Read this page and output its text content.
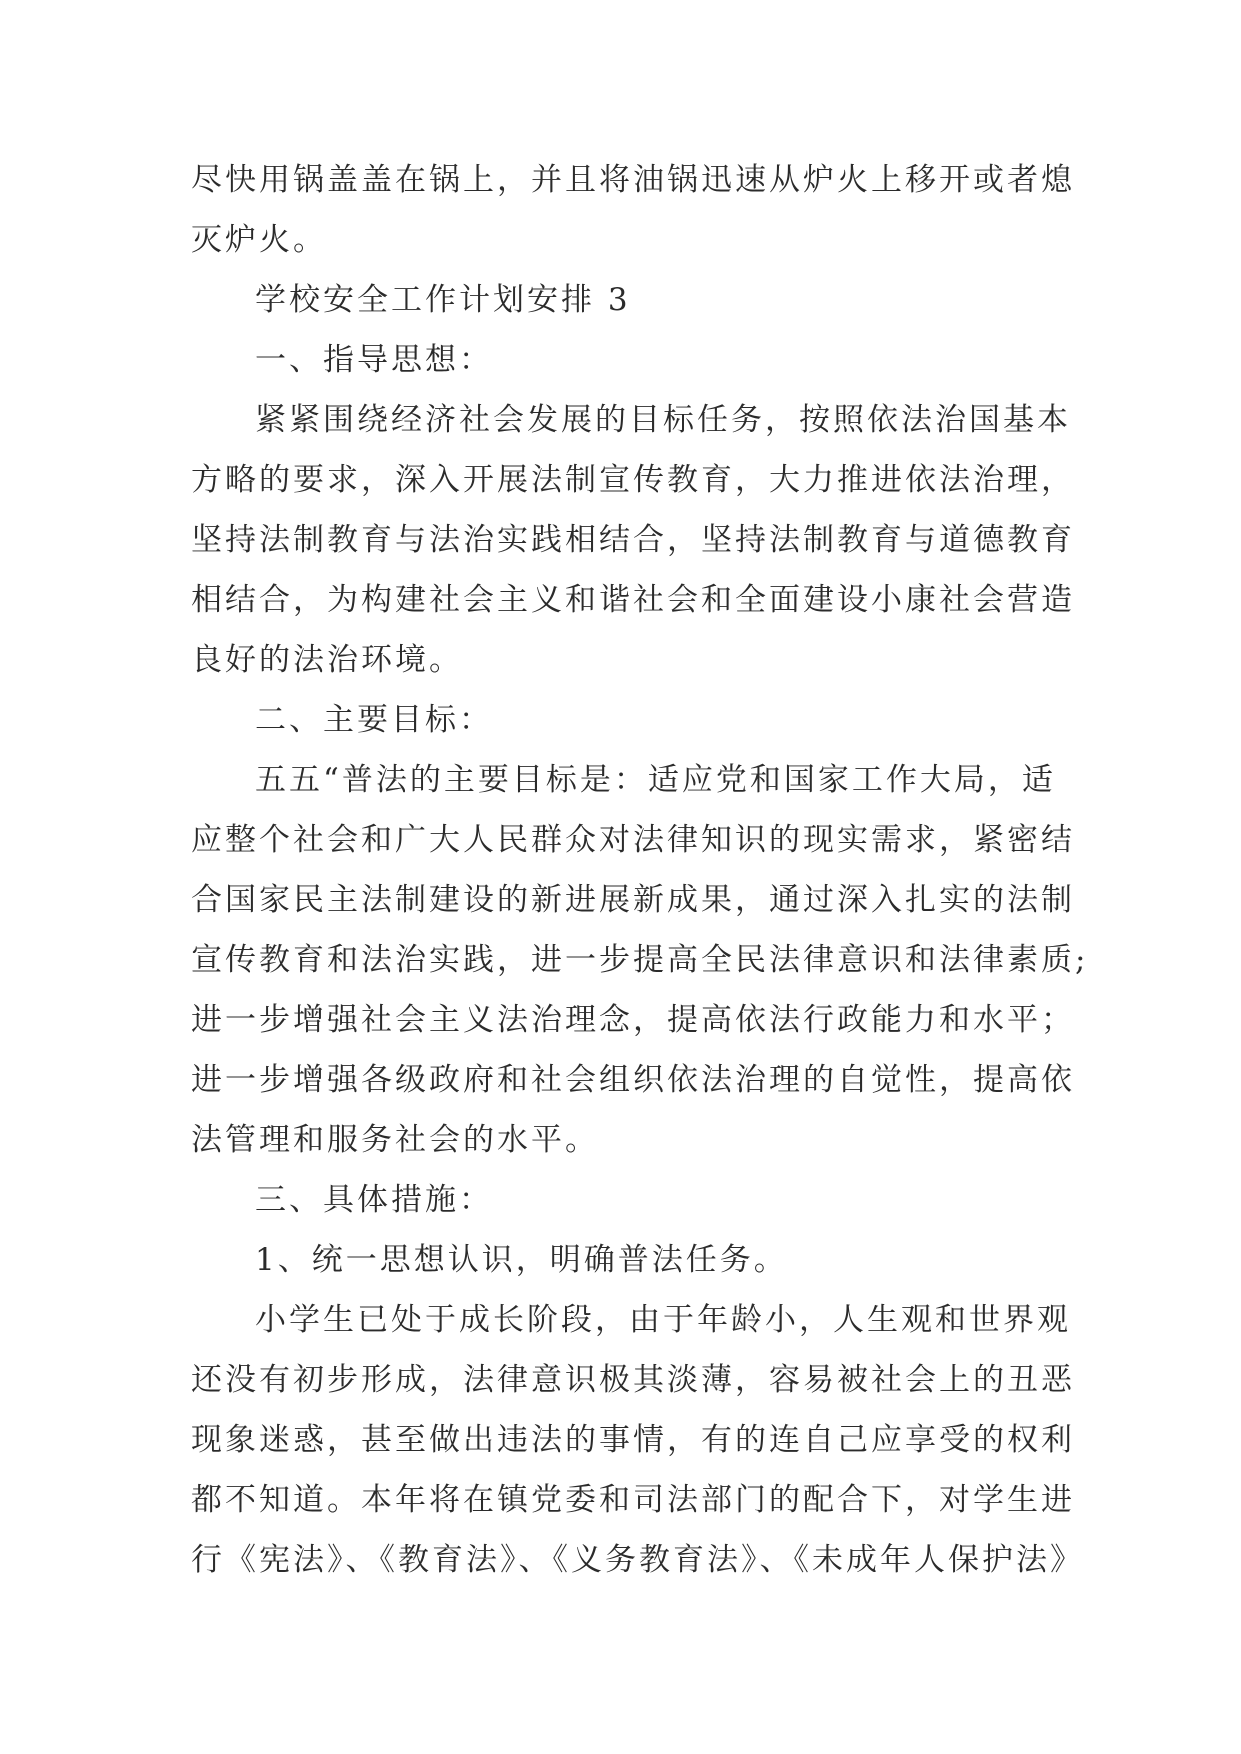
尽快用锅盖盖在锅上，并且将油锅迅速从炉火上移开或者熄
灭炉火。
学校安全工作计划安排 3
一、指导思想：
紧紧围绕经济社会发展的目标任务，按照依法治国基本
方略的要求，深入开展法制宣传教育，大力推进依法治理，
坚持法制教育与法治实践相结合，坚持法制教育与道德教育
相结合，为构建社会主义和谐社会和全面建设小康社会营造
良好的法治环境。
二、主要目标：
五五“普法的主要目标是：适应党和国家工作大局，适
应整个社会和广大人民群众对法律知识的现实需求，紧密结
合国家民主法制建设的新进展新成果，通过深入扎实的法制
宣传教育和法治实践，进一步提高全民法律意识和法律素质;
进一步增强社会主义法治理念，提高依法行政能力和水平；
进一步增强各级政府和社会组织依法治理的自觉性，提高依
法管理和服务社会的水平。
三、具体措施：
1、统一思想认识，明确普法任务。
小学生已处于成长阶段，由于年龄小，人生观和世界观
还没有初步形成，法律意识极其淡薄，容易被社会上的丑恶
现象迷惑，甚至做出违法的事情，有的连自己应享受的权利
都不知道。本年将在镇党委和司法部门的配合下，对学生进
行《宪法》、《教育法》、《义务教育法》、《未成年人保护法》
